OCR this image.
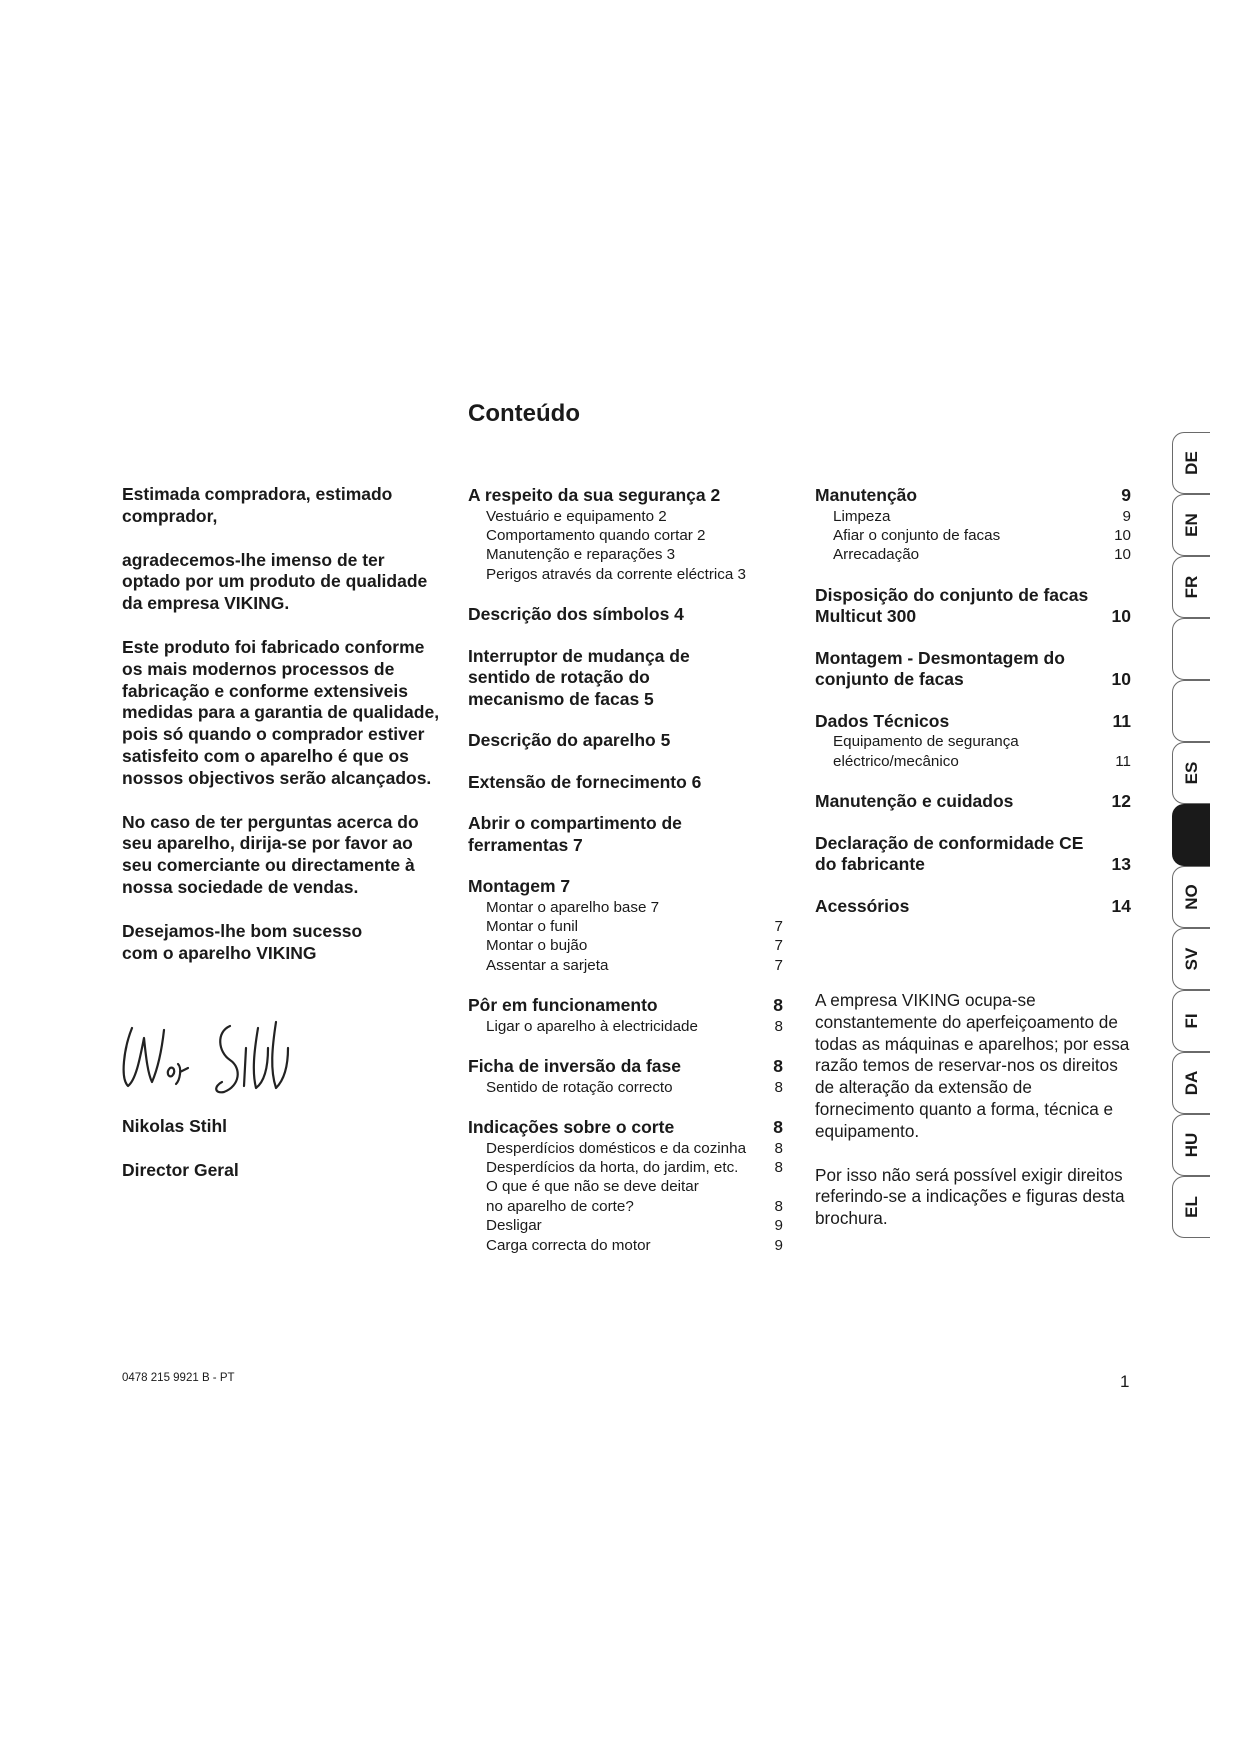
Conteúdo

Estimada compradora, estimado comprador,

agradecemos-lhe imenso de ter optado por um produto de qualidade da empresa VIKING.

Este produto foi fabricado conforme os mais modernos processos de fabricação e conforme extensiveis medidas para a garantia de qualidade, pois só quando o comprador estiver satisfeito com o aparelho é que os nossos objectivos serão alcançados.

No caso de ter perguntas acerca do seu aparelho, dirija-se por favor ao seu comerciante ou directamente à nossa sociedade de vendas.

Desejamos-lhe bom sucesso com o aparelho VIKING

N. Stihl
Nikolas Stihl
Director Geral
A respeito da sua segurança 2
Vestuário e equipamento 2
Comportamento quando cortar 2
Manutenção e reparações 3
Perigos através da corrente eléctrica 3
Descrição dos símbolos 4
Interruptor de mudança de sentido de rotação do mecanismo de facas 5
Descrição do aparelho 5
Extensão de fornecimento 6
Abrir o compartimento de ferramentas 7
Montagem 7
Montar o aparelho base 7
Montar o funil	7
Montar o bujão	7
Assentar a sarjeta	7
Pôr em funcionamento	8
Ligar o aparelho à electricidade	8
Ficha de inversão da fase	8
Sentido de rotação correcto	8
Indicações sobre o corte	8
Desperdícios domésticos e da cozinha 8
Desperdícios da horta, do jardim, etc. 8
O que é que não se deve deitar
no aparelho de corte?	8
Desligar	9
Carga correcta do motor	9
Manutenção	9
Limpeza	9
Afiar o conjunto de facas	10
Arrecadação	10
Disposição do conjunto de facas Multicut 300	10
Montagem - Desmontagem do conjunto de facas	10
Dados Técnicos	11
Equipamento de segurança
eléctrico/mecânico	11
Manutenção e cuidados	12
Declaração de conformidade CE do fabricante	13
Acessórios	14

A empresa VIKING ocupa-se constantemente do aperfeiçoamento de todas as máquinas e aparelhos; por essa razão temos de reservar-nos os direitos de alteração da extensão de fornecimento quanto a forma, técnica e equipamento.

Por isso não será possível exigir direitos referindo-se a indicações e figuras desta brochura.

0478 215 9921 B - PT	1
DE
EN
FR
ES
NO
SV
FI
DA
HU
EL
